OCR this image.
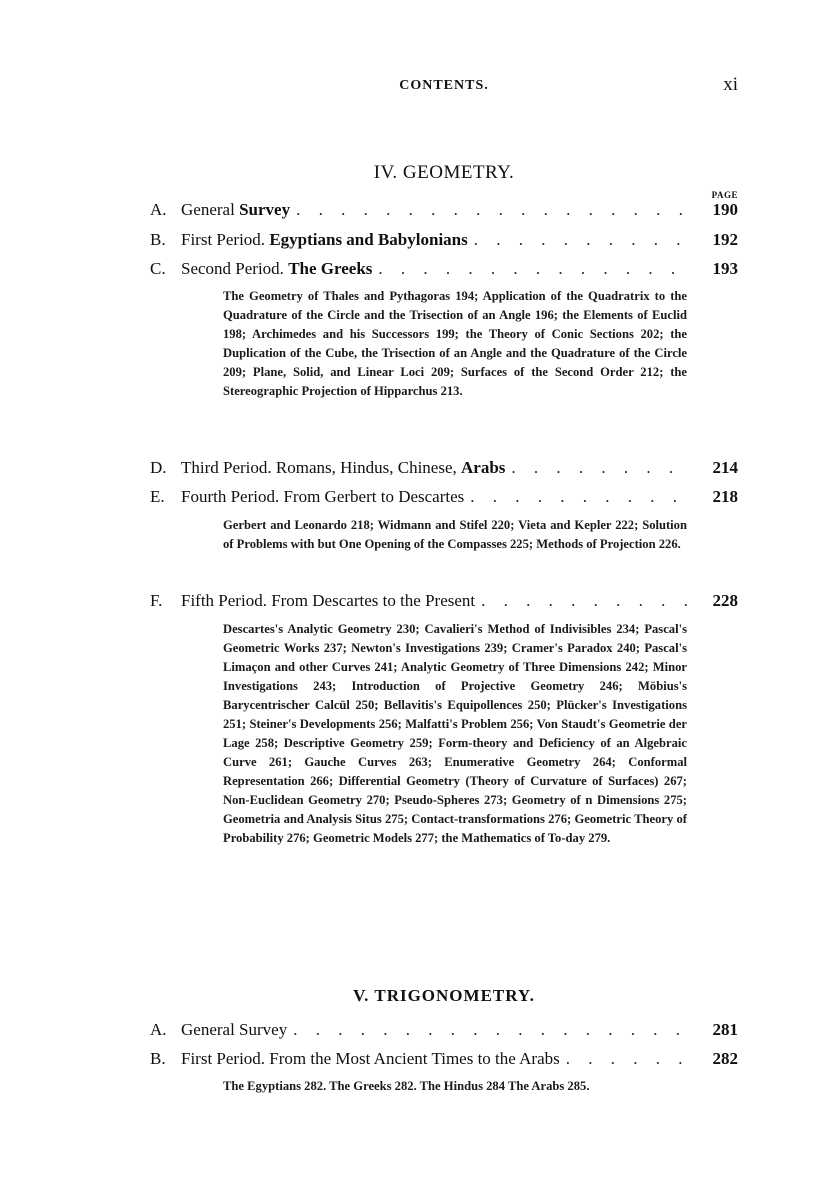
CONTENTS.	xi
IV. GEOMETRY.
PAGE
A. General Survey . . .	190
B. First Period. Egyptians and Babylonians . . .	192
C. Second Period. The Greeks . . .	193

The Geometry of Thales and Pythagoras 194; Application of the Quadratrix to the Quadrature of the Circle and the Trisection of an Angle 196; the Elements of Euclid 198; Archimedes and his Successors 199; the Theory of Conic Sections 202; the Duplication of the Cube, the Trisection of an Angle and the Quadrature of the Circle 209; Plane, Solid, and Linear Loci 209; Surfaces of the Second Order 212; the Stereographic Projection of Hipparchus 213.

D. Third Period. Romans, Hindus, Chinese, Arabs . . .	214
E. Fourth Period. From Gerbert to Descartes . . .	218

Gerbert and Leonardo 218; Widmann and Stifel 220; Vieta and Kepler 222; Solution of Problems with but One Opening of the Compasses 225; Methods of Projection 226.

F.	Fifth Period. From Descartes to the Present . . .	228

Descartes's Analytic Geometry 230; Cavalieri's Method of Indivisibles 234; Pascal's Geometric Works 237; Newton's Investigations 239; Cramer's Paradox 240; Pascal's Limaçon and other Curves 241; Analytic Geometry of Three Dimensions 242; Minor Investigations 243; Introduction of Projective Geometry 246; Möbius's Barycentrischer Calcül 250; Bellavitis's Equipollences 250; Plücker's Investigations 251; Steiner's Developments 256; Malfatti's Problem 256; Von Staudt's Geometrie der Lage 258; Descriptive Geometry 259; Form-theory and Deficiency of an Algebraic Curve 261; Gauche Curves 263; Enumerative Geometry 264; Conformal Representation 266; Differential Geometry (Theory of Curvature of Surfaces) 267; Non-Euclidean Geometry 270; Pseudo-Spheres 273; Geometry of n Dimensions 275; Geometria and Analysis Situs 275; Contact-transformations 276; Geometric Theory of Probability 276; Geometric Models 277; the Mathematics of To-day 279.

V. TRIGONOMETRY.
A. General Survey . . .	281
B. First Period. From the Most Ancient Times to the Arabs . . .	282

The Egyptians 282. The Greeks 282. The Hindus 284 The Arabs 285.
